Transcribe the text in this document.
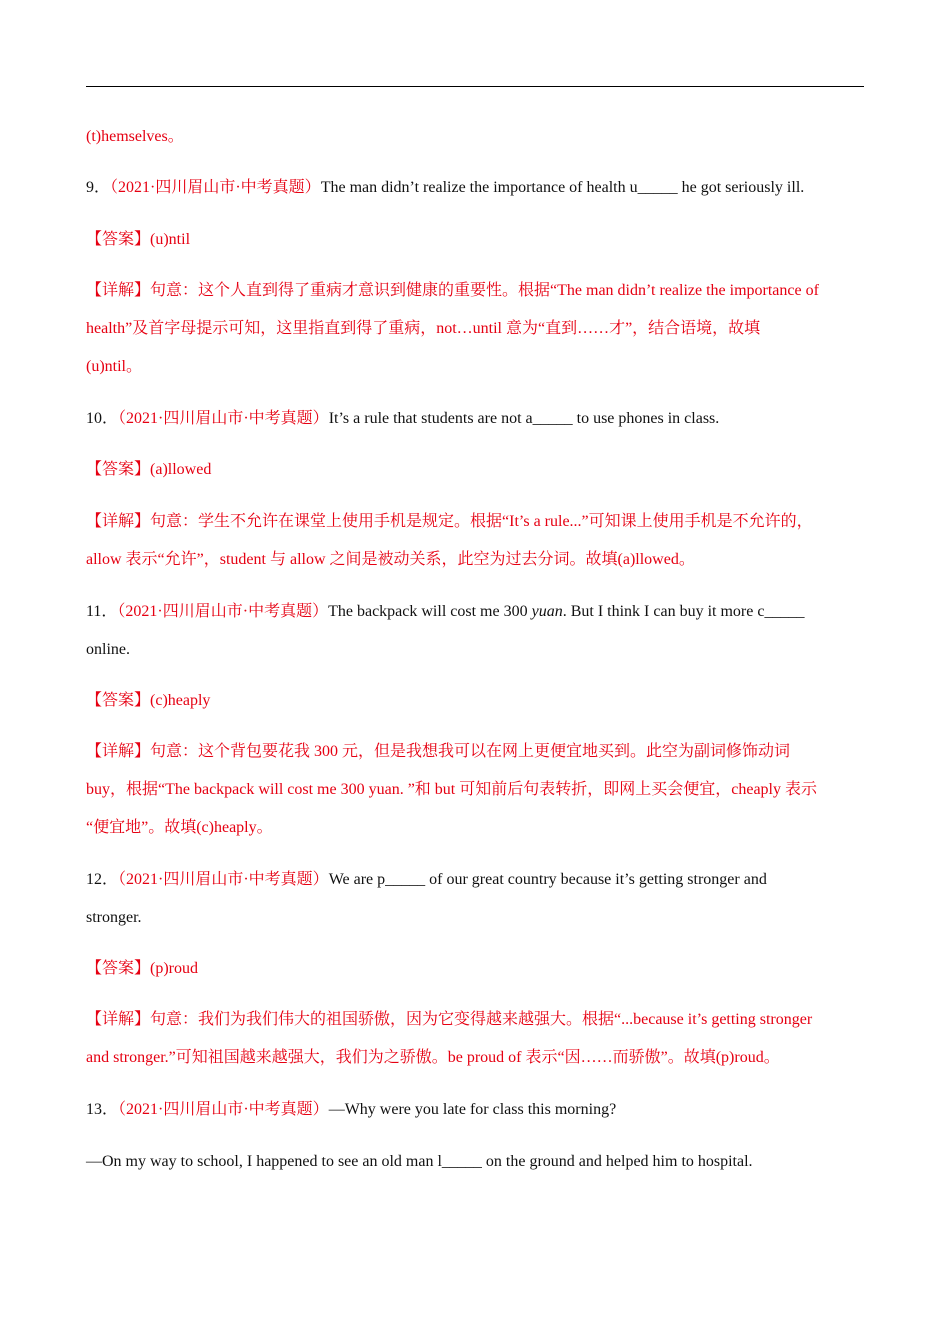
(t)hemselves。
9．（2021·四川眉山市·中考真题）The man didn’t realize the importance of health u_____ he got seriously ill.
【答案】(u)ntil
【详解】句意：这个人直到得了重病才意识到健康的重要性。根据“The man didn’t realize the importance of
health”及首字母提示可知，这里指直到得了重病，not…until 意为“直到……才”，结合语境，故填
(u)ntil。
10．（2021·四川眉山市·中考真题）It’s a rule that students are not a_____ to use phones in class.
【答案】(a)llowed
【详解】句意：学生不允许在课堂上使用手机是规定。根据“It’s a rule...”可知课上使用手机是不允许的，
allow 表示“允许”，student 与 allow 之间是被动关系，此空为过去分词。故填(a)llowed。
11．（2021·四川眉山市·中考真题）The backpack will cost me 300 yuan. But I think I can buy it more c_____
online.
【答案】(c)heaply
【详解】句意：这个背包要花我 300 元，但是我想我可以在网上更便宜地买到。此空为副词修饰动词
buy，根据“The backpack will cost me 300 yuan. ”和 but 可知前后句表转折，即网上买会便宜，cheaply 表示
“便宜地”。故填(c)heaply。
12．（2021·四川眉山市·中考真题）We are p_____ of our great country because it’s getting stronger and
stronger.
【答案】(p)roud
【详解】句意：我们为我们伟大的祖国骄傲，因为它变得越来越强大。根据“...because it’s getting stronger
and stronger.”可知祖国越来越强大，我们为之骄傲。be proud of 表示“因……而骄傲”。故填(p)roud。
13．（2021·四川眉山市·中考真题）—Why were you late for class this morning?
—On my way to school, I happened to see an old man l_____ on the ground and helped him to hospital.
